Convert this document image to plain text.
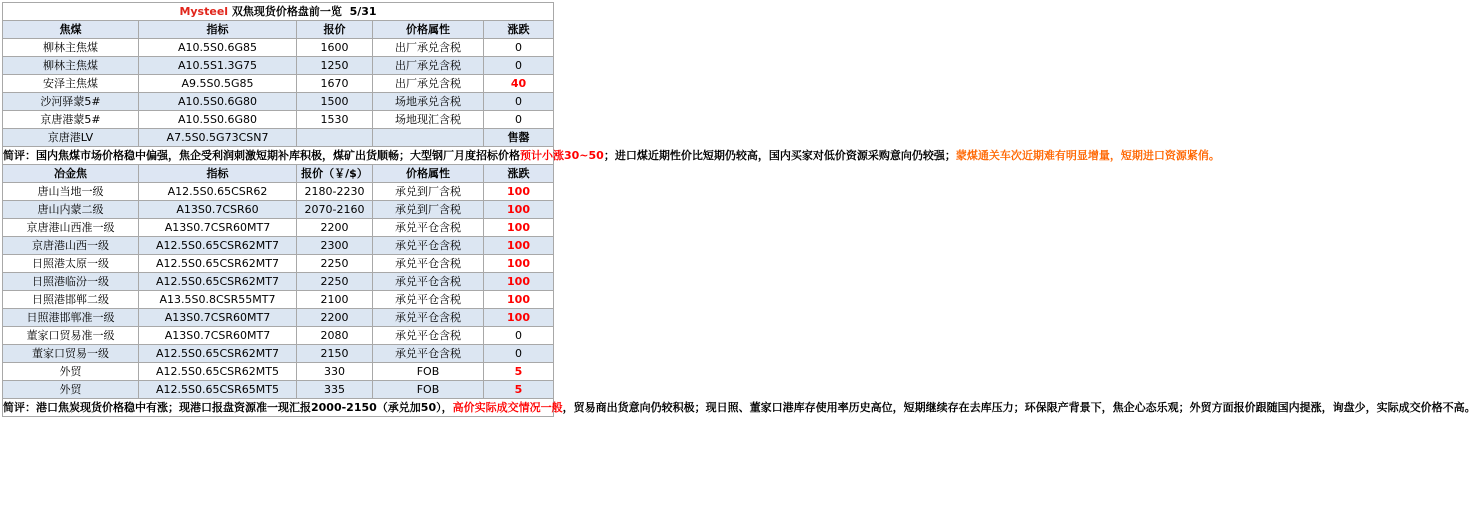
Mysteel 双焦现货价格盘前一览 5/31				
焦煤	指标	报价	价格属性	涨跌
柳林主焦煤	A10.5S0.6G85	1600	出厂承兑含税	0
柳林主焦煤	A10.5S1.3G75	1250	出厂承兑含税	0
安泽主焦煤	A9.5S0.5G85	1670	出厂承兑含税	40
沙河驿蒙5#	A10.5S0.6G80	1500	场地承兑含税	0
京唐港蒙5#	A10.5S0.6G80	1530	场地现汇含税	0
京唐港LV	A7.5S0.5G73CSN7			售罄
简评：国内焦煤市场价格稳中偏强，焦企受利润刺激短期补库积极，煤矿出货顺畅；大型钢厂月度招标价格预计小涨30~50；进口煤近期性价比短期仍较高，国内买家对低价资源采购意向仍较强；蒙煤通关车次近期难有明显增量，短期进口资源紧俏。				
冶金焦	指标	报价（￥/$）	价格属性	涨跌
唐山当地一级	A12.5S0.65CSR62	2180-2230	承兑到厂含税	100
唐山内蒙二级	A13S0.7CSR60	2070-2160	承兑到厂含税	100
京唐港山西准一级	A13S0.7CSR60MT7	2200	承兑平仓含税	100
京唐港山西一级	A12.5S0.65CSR62MT7	2300	承兑平仓含税	100
日照港太原一级	A12.5S0.65CSR62MT7	2250	承兑平仓含税	100
日照港临汾一级	A12.5S0.65CSR62MT7	2250	承兑平仓含税	100
日照港邯郸二级	A13.5S0.8CSR55MT7	2100	承兑平仓含税	100
日照港邯郸准一级	A13S0.7CSR60MT7	2200	承兑平仓含税	100
董家口贸易准一级	A13S0.7CSR60MT7	2080	承兑平仓含税	0
董家口贸易一级	A12.5S0.65CSR62MT7	2150	承兑平仓含税	0
外贸	A12.5S0.65CSR62MT5	330	FOB	5
外贸	A12.5S0.65CSR65MT5	335	FOB	5
简评：港口焦炭现货价格稳中有涨；现港口报盘资源准一现汇报2000-2150（承兑加50），高价实际成交情况一般，贸易商出货意向仍较积极；现日照、董家口港库存使用率历史高位，短期继续存在去库压力；环保限产背景下，焦企心态乐观；外贸方面报价跟随国内提涨，询盘少，实际成交价格不高。				
